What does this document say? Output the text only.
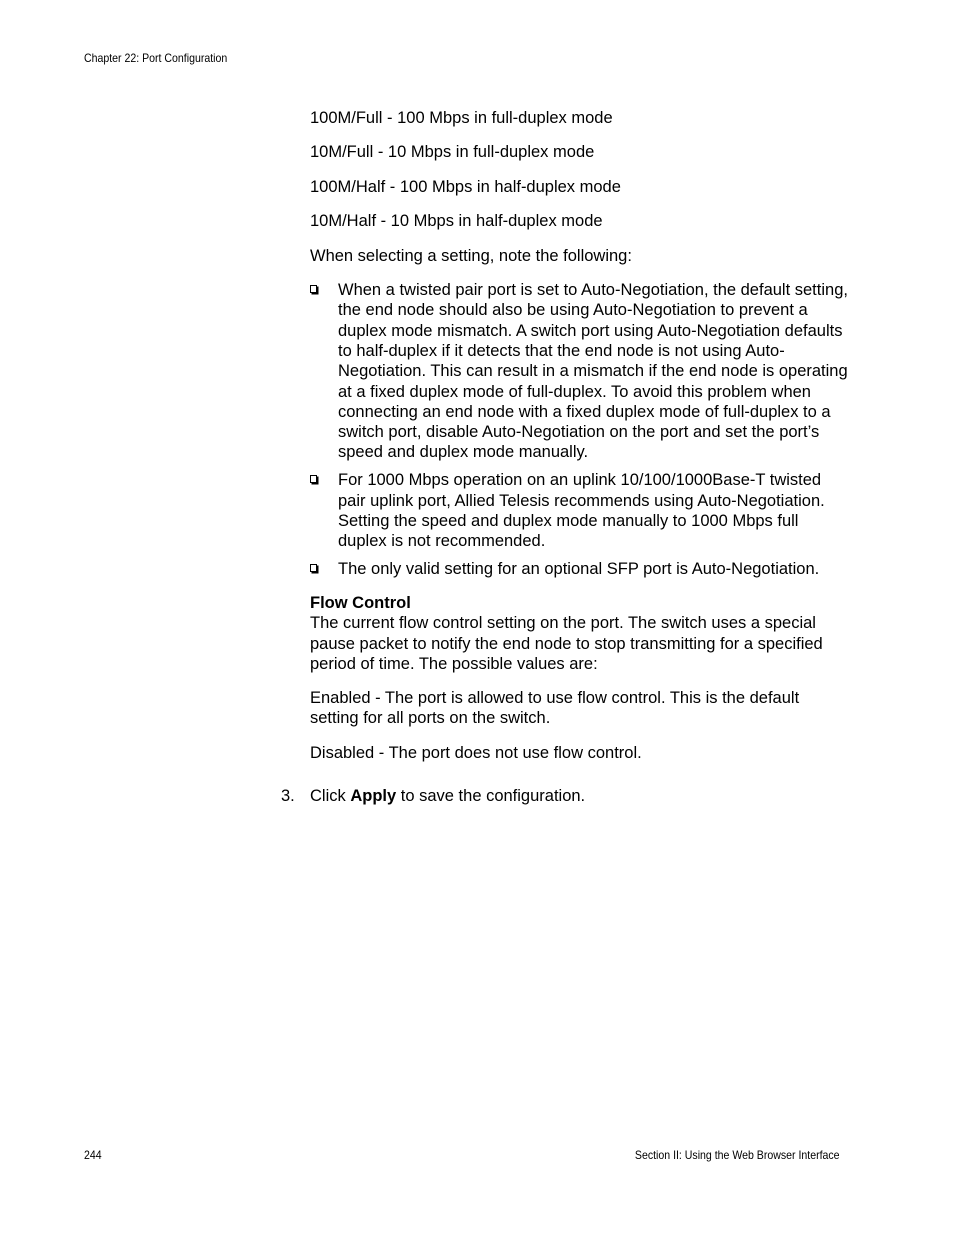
Chapter 22: Port Configuration

100M/Full - 100 Mbps in full-duplex mode

10M/Full - 10 Mbps in full-duplex mode

100M/Half - 100 Mbps in half-duplex mode

10M/Half - 10 Mbps in half-duplex mode

When selecting a setting, note the following:

When a twisted pair port is set to Auto-Negotiation, the default setting, the end node should also be using Auto-Negotiation to prevent a duplex mode mismatch. A switch port using Auto-Negotiation defaults to half-duplex if it detects that the end node is not using Auto-Negotiation. This can result in a mismatch if the end node is operating at a fixed duplex mode of full-duplex. To avoid this problem when connecting an end node with a fixed duplex mode of full-duplex to a switch port, disable Auto-Negotiation on the port and set the port’s speed and duplex mode manually.
For 1000 Mbps operation on an uplink 10/100/1000Base-T twisted pair uplink port, Allied Telesis recommends using Auto-Negotiation. Setting the speed and duplex mode manually to 1000 Mbps full duplex is not recommended.
The only valid setting for an optional SFP port is Auto-Negotiation.

Flow Control

The current flow control setting on the port. The switch uses a special pause packet to notify the end node to stop transmitting for a specified period of time. The possible values are:

Enabled - The port is allowed to use flow control. This is the default setting for all ports on the switch.

Disabled - The port does not use flow control.

3. Click Apply to save the configuration.

244	Section II: Using the Web Browser Interface
